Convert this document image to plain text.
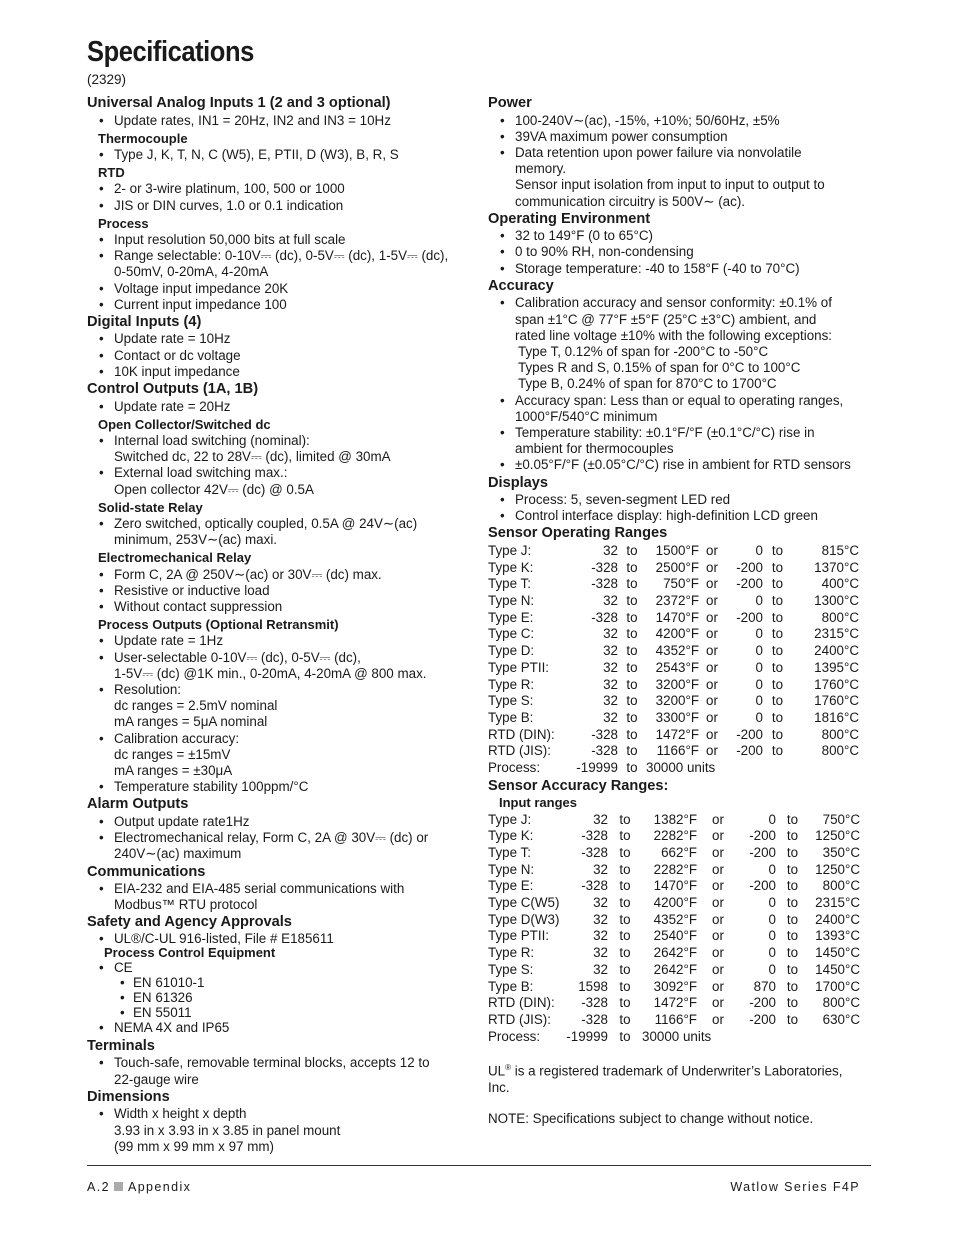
Specifications
(2329)
Universal Analog Inputs 1 (2 and 3 optional)
• Update rates, IN1 = 20Hz, IN2 and IN3 = 10Hz
Thermocouple
• Type J, K, T, N, C (W5), E, PTII, D (W3), B, R, S
RTD
• 2- or 3-wire platinum, 100, 500 or 1000
• JIS or DIN curves, 1.0 or 0.1 indication
Process
• Input resolution 50,000 bits at full scale
• Range selectable: 0-10V⎓ (dc), 0-5V⎓ (dc), 1-5V⎓ (dc),
0-50mV, 0-20mA, 4-20mA
• Voltage input impedance 20K
• Current input impedance 100
Digital Inputs (4)
• Update rate = 10Hz
• Contact or dc voltage
• 10K input impedance
Control Outputs (1A, 1B)
• Update rate = 20Hz
Open Collector/Switched dc
• Internal load switching (nominal):
Switched dc, 22 to 28V⎓ (dc), limited @ 30mA
• External load switching max.:
Open collector 42V⎓ (dc) @ 0.5A
Solid-state Relay
• Zero switched, optically coupled, 0.5A @ 24V∼(ac)
minimum, 253V∼(ac) maxi.
Electromechanical Relay
• Form C, 2A @ 250V∼(ac) or 30V⎓ (dc) max.
• Resistive or inductive load
• Without contact suppression
Process Outputs (Optional Retransmit)
• Update rate = 1Hz
• User-selectable 0-10V⎓ (dc), 0-5V⎓ (dc),
1-5V⎓ (dc) @1K min., 0-20mA, 4-20mA @ 800 max.
• Resolution:
dc ranges = 2.5mV nominal
mA ranges = 5μA nominal
• Calibration accuracy:
dc ranges = ±15mV
mA ranges = ±30μA
• Temperature stability 100ppm/°C
Alarm Outputs
• Output update rate1Hz
• Electromechanical relay, Form C, 2A @ 30V⎓ (dc) or
240V∼(ac) maximum
Communications
• EIA-232 and EIA-485 serial communications with
Modbus™ RTU protocol
Safety and Agency Approvals
• UL®/C-UL 916-listed, File # E185611
Process Control Equipment
• CE
• EN 61010-1
• EN 61326
• EN 55011
• NEMA 4X and IP65
Terminals
• Touch-safe, removable terminal blocks, accepts 12 to
22-gauge wire
Dimensions
• Width x height x depth
3.93 in x 3.93 in x 3.85 in panel mount
(99 mm x 99 mm x 97 mm)
Power
• 100-240V∼(ac), -15%, +10%; 50/60Hz, ±5%
• 39VA maximum power consumption
• Data retention upon power failure via nonvolatile
memory.
Sensor input isolation from input to input to output to
communication circuitry is 500V∼ (ac).
Operating Environment
• 32 to 149°F (0 to 65°C)
• 0 to 90% RH, non-condensing
• Storage temperature: -40 to 158°F (-40 to 70°C)
Accuracy
• Calibration accuracy and sensor conformity: ±0.1% of
span ±1°C @ 77°F ±5°F (25°C ±3°C) ambient, and
rated line voltage ±10% with the following exceptions:
Type T, 0.12% of span for -200°C to -50°C
Types R and S, 0.15% of span for 0°C to 100°C
Type B, 0.24% of span for 870°C to 1700°C
• Accuracy span: Less than or equal to operating ranges,
1000°F/540°C minimum
• Temperature stability: ±0.1°F/°F (±0.1°C/°C) rise in
ambient for thermocouples
• ±0.05°F/°F (±0.05°C/°C) rise in ambient for RTD sensors
Displays
• Process: 5, seven-segment LED red
• Control interface display: high-definition LCD green
Sensor Operating Ranges
Type J:	32	to	1500°F	or	0	to	815°C
Type K:	-328	to	2500°F	or	-200	to	1370°C
Type T:	-328	to	750°F	or	-200	to	400°C
Type N:	32	to	2372°F	or	0	to	1300°C
Type E:	-328	to	1470°F	or	-200	to	800°C
Type C:	32	to	4200°F	or	0	to	2315°C
Type D:	32	to	4352°F	or	0	to	2400°C
Type PTII:	32	to	2543°F	or	0	to	1395°C
Type R:	32	to	3200°F	or	0	to	1760°C
Type S:	32	to	3200°F	or	0	to	1760°C
Type B:	32	to	3300°F	or	0	to	1816°C
RTD (DIN):	-328	to	1472°F	or	-200	to	800°C
RTD (JIS):	-328	to	1166°F	or	-200	to	800°C
Process:	-19999	to	30000 units				
Sensor Accuracy Ranges:
Input ranges
Type J:	32	to	1382°F	or	0	to	750°C
Type K:	-328	to	2282°F	or	-200	to	1250°C
Type T:	-328	to	662°F	or	-200	to	350°C
Type N:	32	to	2282°F	or	0	to	1250°C
Type E:	-328	to	1470°F	or	-200	to	800°C
Type C(W5)	32	to	4200°F	or	0	to	2315°C
Type D(W3)	32	to	4352°F	or	0	to	2400°C
Type PTII:	32	to	2540°F	or	0	to	1393°C
Type R:	32	to	2642°F	or	0	to	1450°C
Type S:	32	to	2642°F	or	0	to	1450°C
Type B:	1598	to	3092°F	or	870	to	1700°C
RTD (DIN):	-328	to	1472°F	or	-200	to	800°C
RTD (JIS):	-328	to	1166°F	or	-200	to	630°C
Process:	-19999	to	30000 units				
UL® is a registered trademark of Underwriter’s Laboratories,
Inc.
NOTE: Specifications subject to change without notice.
A.2 Appendix	Watlow Series F4P
